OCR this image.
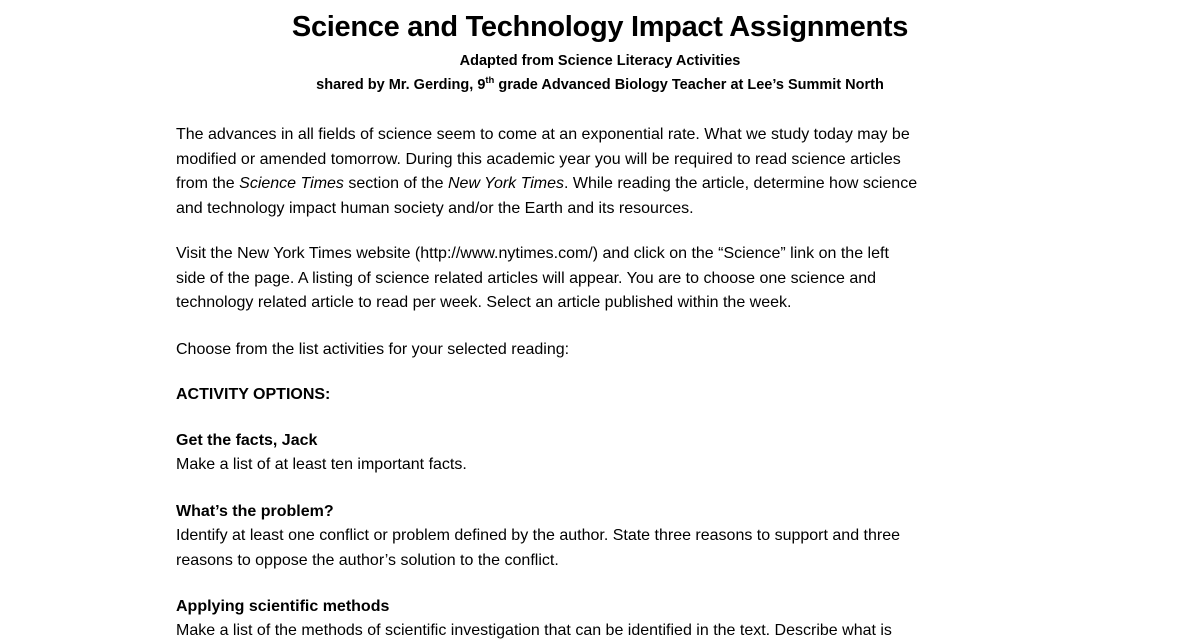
Science and Technology Impact Assignments
Adapted from Science Literacy Activities
shared by Mr. Gerding, 9th grade Advanced Biology Teacher at Lee’s Summit North
The advances in all fields of science seem to come at an exponential rate. What we study today may be
modified or amended tomorrow. During this academic year you will be required to read science articles
from the Science Times section of the New York Times. While reading the article, determine how science
and technology impact human society and/or the Earth and its resources.
Visit the New York Times website (http://www.nytimes.com/) and click on the “Science” link on the left
side of the page. A listing of science related articles will appear. You are to choose one science and
technology related article to read per week. Select an article published within the week.
Choose from the list activities for your selected reading:
ACTIVITY OPTIONS:
Get the facts, Jack
Make a list of at least ten important facts.
What’s the problem?
Identify at least one conflict or problem defined by the author. State three reasons to support and three
reasons to oppose the author’s solution to the conflict.
Applying scientific methods
Make a list of the methods of scientific investigation that can be identified in the text. Describe what is
